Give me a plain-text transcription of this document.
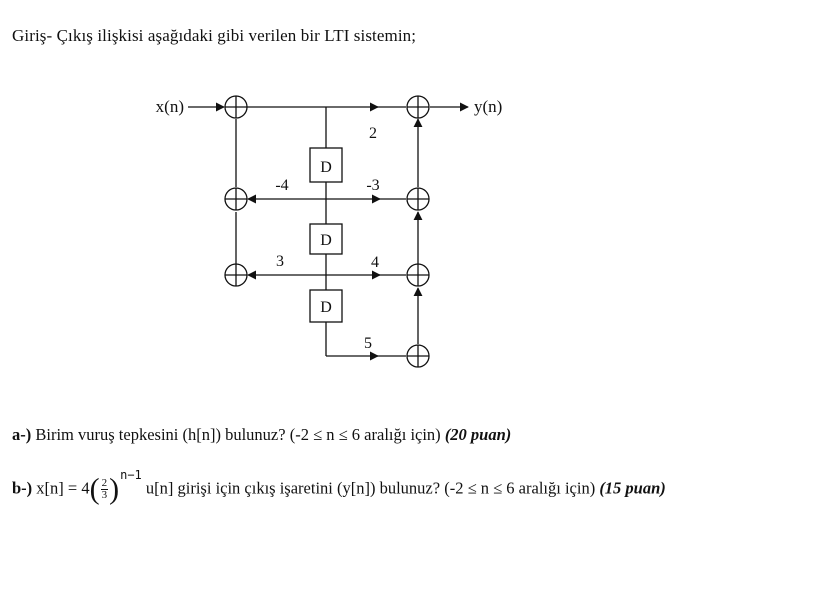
Giriş- Çıkış ilişkisi aşağıdaki gibi verilen bir LTI sistemin;
D
D
D
x(n)	y(n)
2
-3
4
5
-4
3
a-) Birim vuruş tepkesini (h[n]) bulunuz? (-2 ≤ n ≤ 6 aralığı için) (20 puan)
b-) $x[n] = 4( \frac{2}{3} )^{n-1}$ u[n] girişi için çıkış işaretini (y[n]) bulunuz? (-2 ≤ n ≤ 6 aralığı için) (15 puan)
